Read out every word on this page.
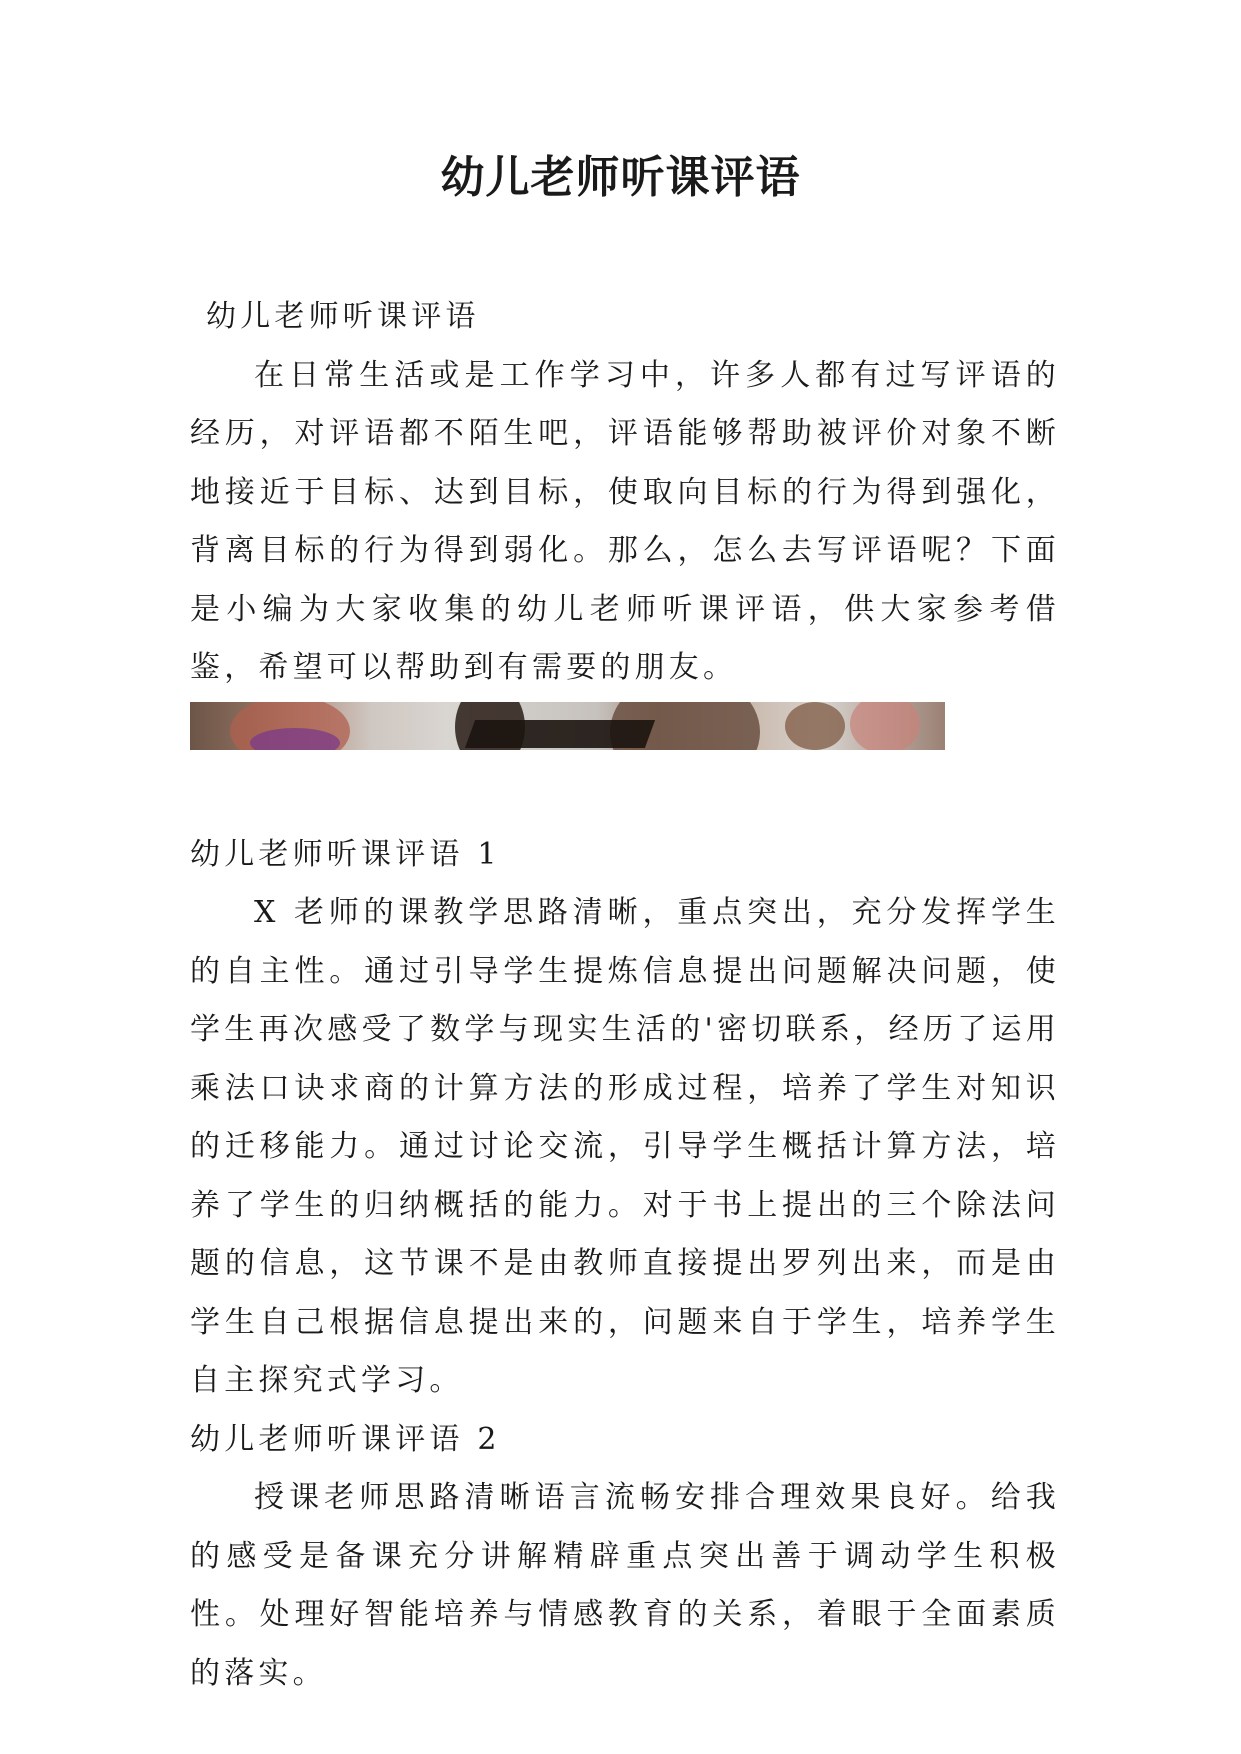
幼儿老师听课评语

幼儿老师听课评语

在日常生活或是工作学习中，许多人都有过写评语的经历，对评语都不陌生吧，评语能够帮助被评价对象不断地接近于目标、达到目标，使取向目标的行为得到强化，背离目标的行为得到弱化。那么，怎么去写评语呢？下面是小编为大家收集的幼儿老师听课评语，供大家参考借鉴，希望可以帮助到有需要的朋友。

幼儿老师听课评语 1

X 老师的课教学思路清晰，重点突出，充分发挥学生的自主性。通过引导学生提炼信息提出问题解决问题，使学生再次感受了数学与现实生活的'密切联系，经历了运用乘法口诀求商的计算方法的形成过程，培养了学生对知识的迁移能力。通过讨论交流，引导学生概括计算方法，培养了学生的归纳概括的能力。对于书上提出的三个除法问题的信息，这节课不是由教师直接提出罗列出来，而是由学生自己根据信息提出来的，问题来自于学生，培养学生自主探究式学习。

幼儿老师听课评语 2

授课老师思路清晰语言流畅安排合理效果良好。给我的感受是备课充分讲解精辟重点突出善于调动学生积极性。处理好智能培养与情感教育的关系，着眼于全面素质的落实。
